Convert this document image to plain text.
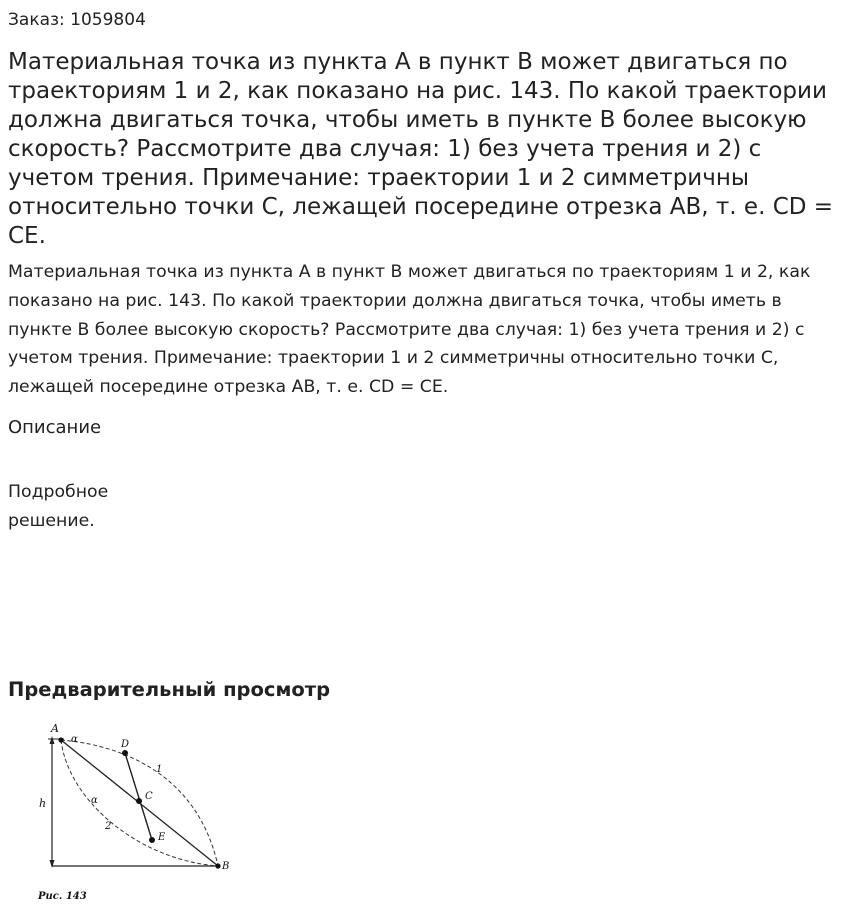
Заказ: 1059804
Материальная точка из пункта А в пункт В может двигаться по траекториям 1 и 2, как показано на рис. 143. По какой траектории должна двигаться точка, чтобы иметь в пункте В более высокую скорость? Рассмотрите два случая: 1) без учета трения и 2) с учетом трения. Примечание: траектории 1 и 2 симметричны относительно точки С, лежащей посередине отрезка AB, т. е. CD = CE.

Материальная точка из пункта А в пункт В может двигаться по траекториям 1 и 2, как показано на рис. 143. По какой траектории должна двигаться точка, чтобы иметь в пункте В более высокую скорость? Рассмотрите два случая: 1) без учета трения и 2) с учетом трения. Примечание: траектории 1 и 2 симметричны относительно точки С, лежащей посередине отрезка AB, т. е. CD = CE.

Описание

Подробное
решение.

Предварительный просмотр
A
B
C
D
E
h
1
2
α
α
Рис. 143
